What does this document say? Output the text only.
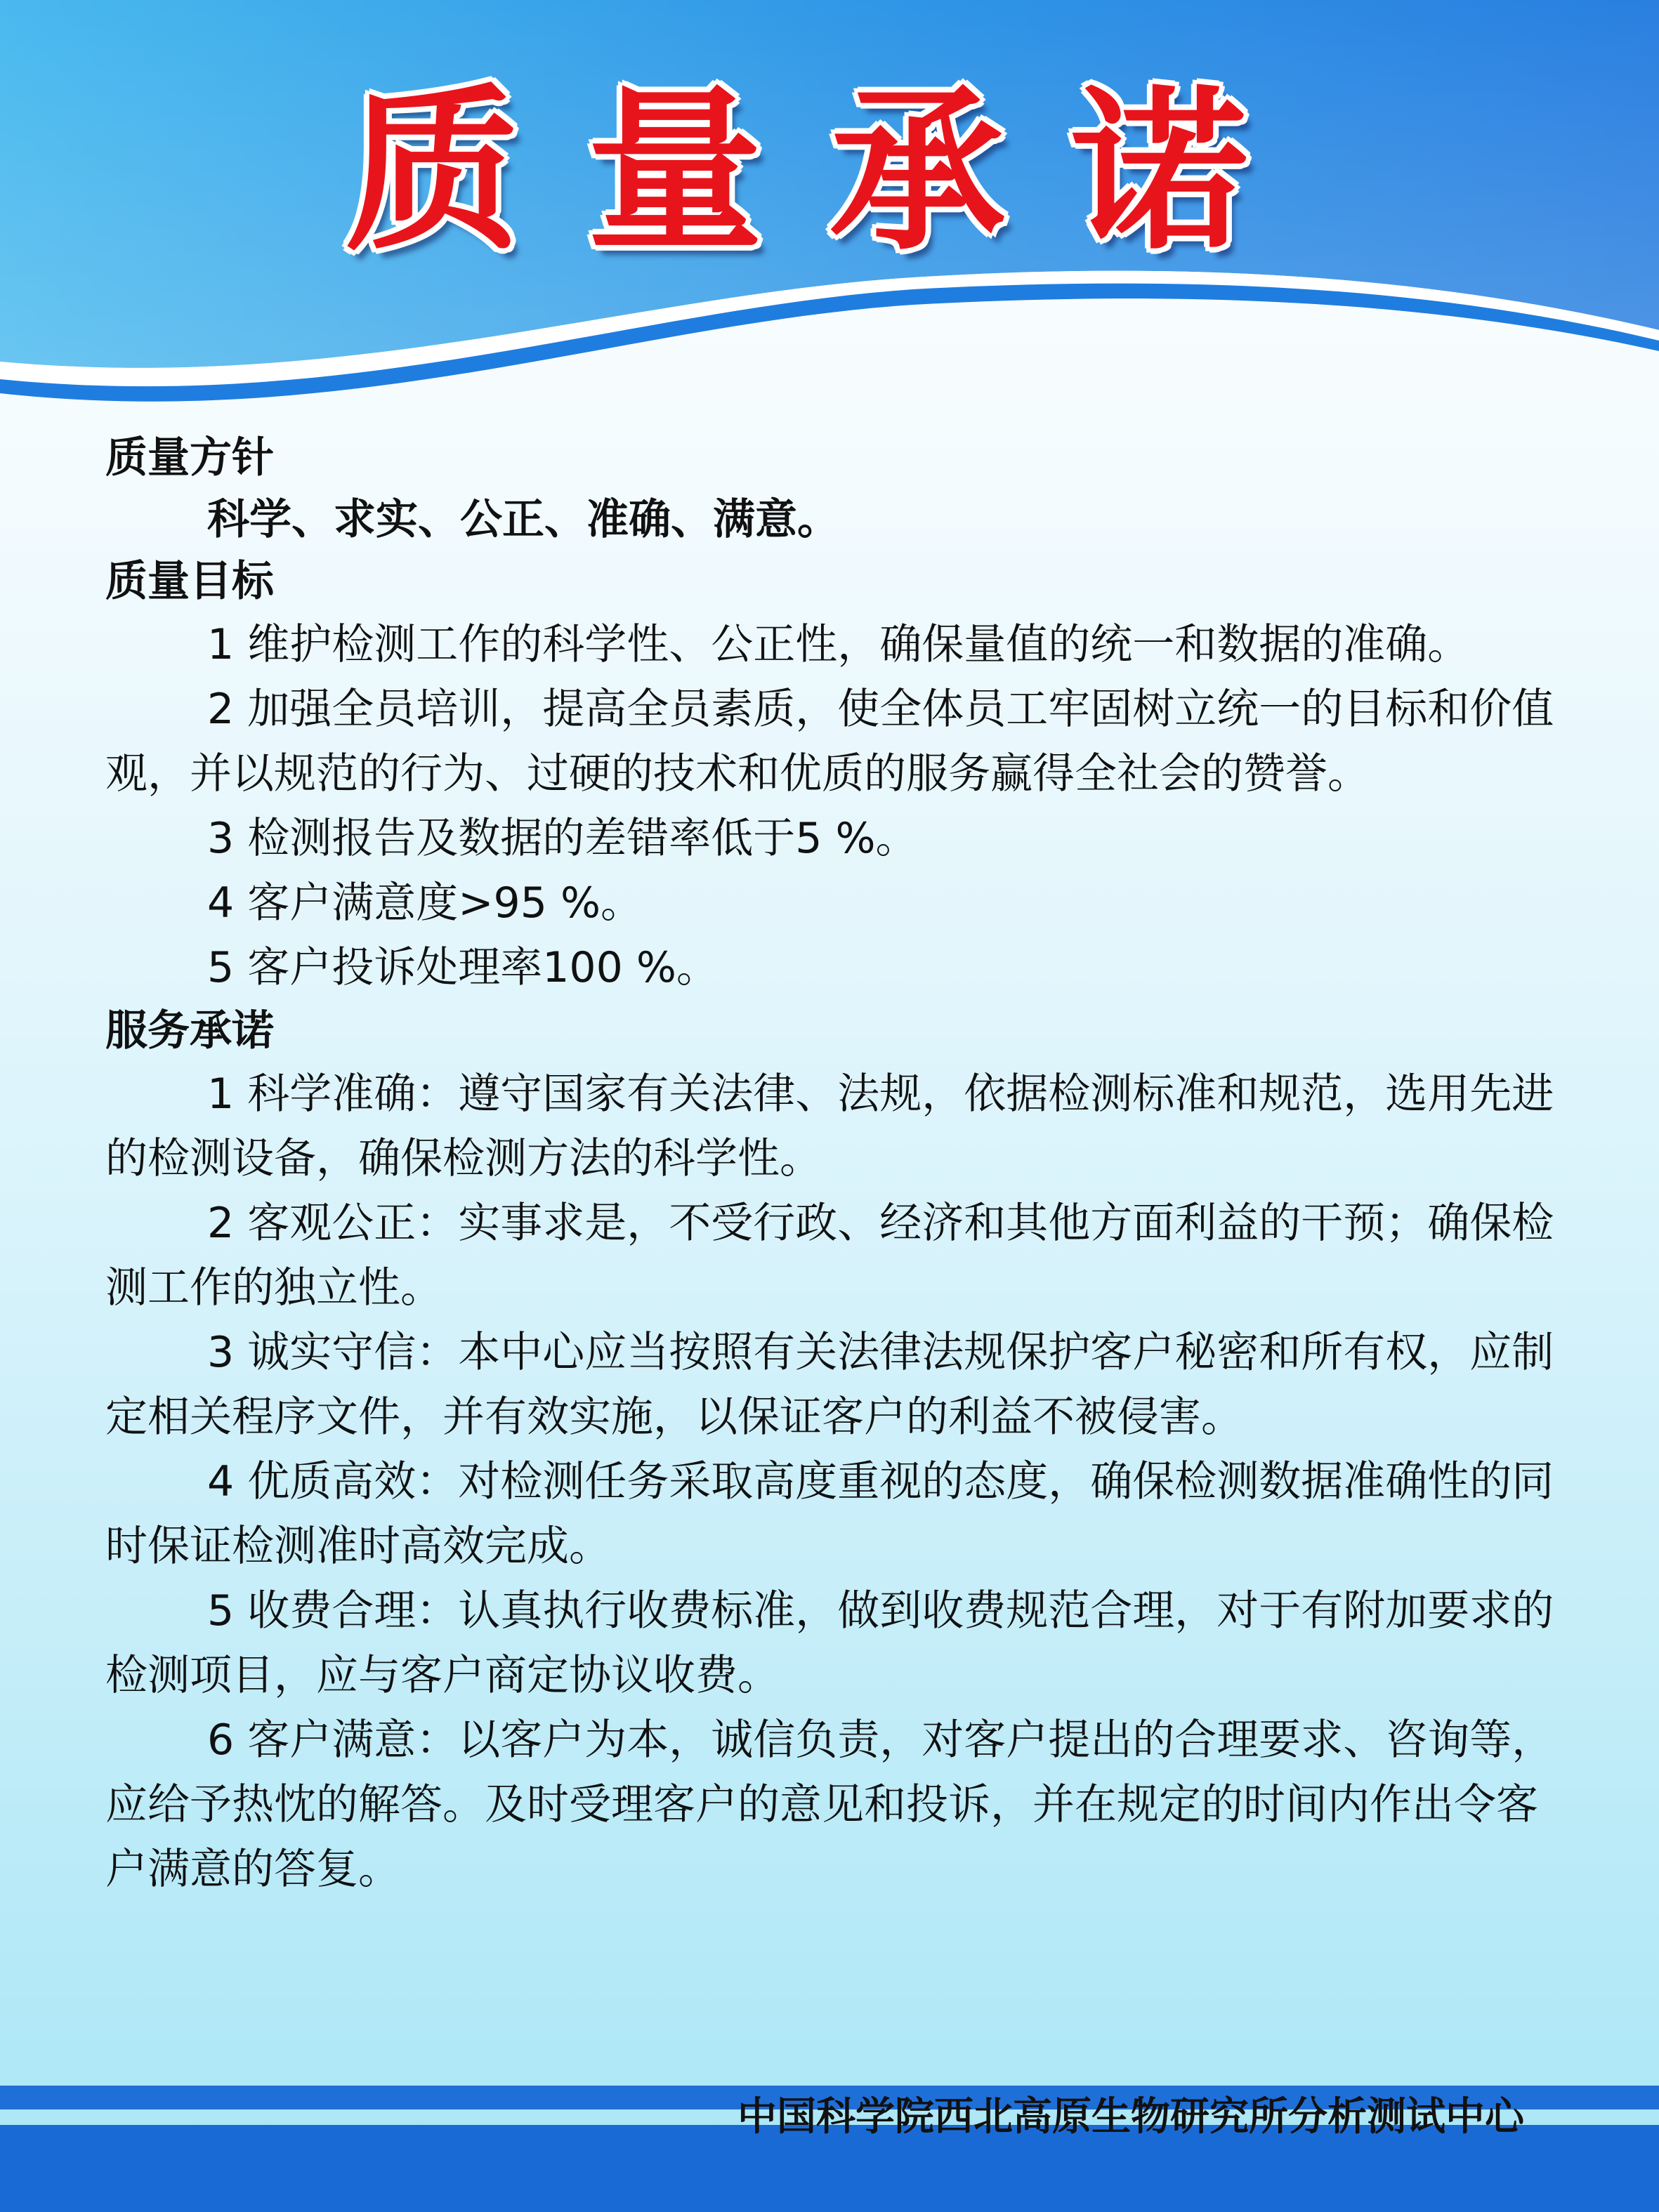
质量承诺

质量方针

科学、求实、公正、准确、满意。

质量目标

1 维护检测工作的科学性、公正性，确保量值的统一和数据的准确。

2 加强全员培训，提高全员素质，使全体员工牢固树立统一的目标和价值观，并以规范的行为、过硬的技术和优质的服务赢得全社会的赞誉。

3 检测报告及数据的差错率低于5 %。

4 客户满意度>95 %。

5 客户投诉处理率100 %。

服务承诺

1 科学准确：遵守国家有关法律、法规，依据检测标准和规范，选用先进的检测设备，确保检测方法的科学性。

2 客观公正：实事求是，不受行政、经济和其他方面利益的干预；确保检测工作的独立性。

3 诚实守信：本中心应当按照有关法律法规保护客户秘密和所有权，应制定相关程序文件，并有效实施，以保证客户的利益不被侵害。

4 优质高效：对检测任务采取高度重视的态度，确保检测数据准确性的同时保证检测准时高效完成。

5 收费合理：认真执行收费标准，做到收费规范合理，对于有附加要求的检测项目，应与客户商定协议收费。

6 客户满意：以客户为本，诚信负责，对客户提出的合理要求、咨询等，应给予热忱的解答。及时受理客户的意见和投诉，并在规定的时间内作出令客户满意的答复。

中国科学院西北高原生物研究所分析测试中心
